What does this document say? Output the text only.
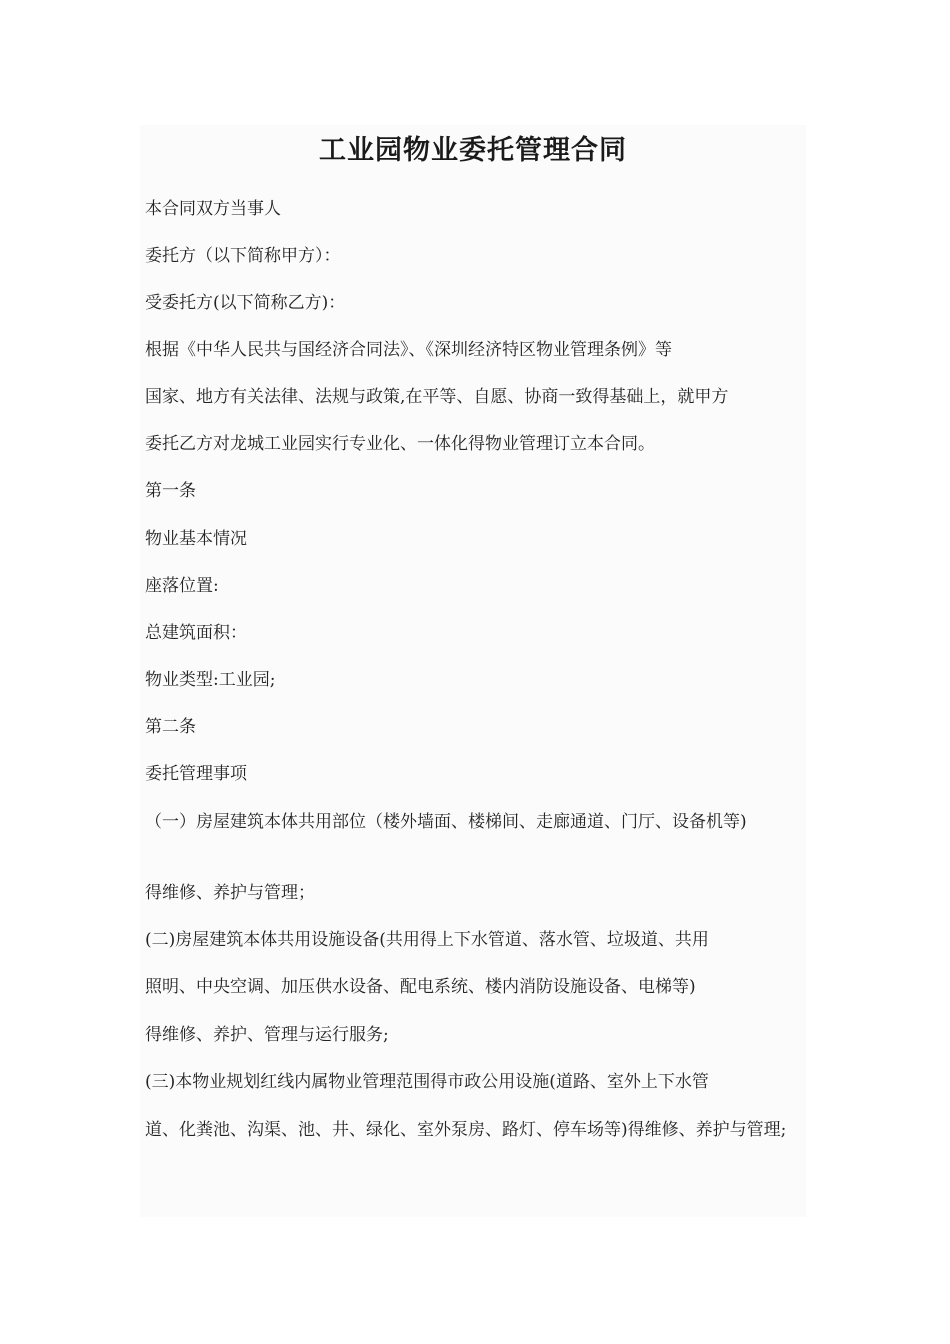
工业园物业委托管理合同
本合同双方当事人
委托方（以下简称甲方）：
受委托方(以下简称乙方)：
根据《中华人民共与国经济合同法》、《深圳经济特区物业管理条例》等
国家、地方有关法律、法规与政策,在平等、自愿、协商一致得基础上，就甲方
委托乙方对龙城工业园实行专业化、一体化得物业管理订立本合同。
第一条
物业基本情况
座落位置:
总建筑面积：
物业类型:工业园;
第二条
委托管理事项
（一）房屋建筑本体共用部位（楼外墙面、楼梯间、走廊通道、门厅、设备机等)
得维修、养护与管理；
(二)房屋建筑本体共用设施设备(共用得上下水管道、落水管、垃圾道、共用
照明、中央空调、加压供水设备、配电系统、楼内消防设施设备、电梯等)
得维修、养护、管理与运行服务;
(三)本物业规划红线内属物业管理范围得市政公用设施(道路、室外上下水管
道、化粪池、沟渠、池、井、绿化、室外泵房、路灯、停车场等)得维修、养护与管理;
